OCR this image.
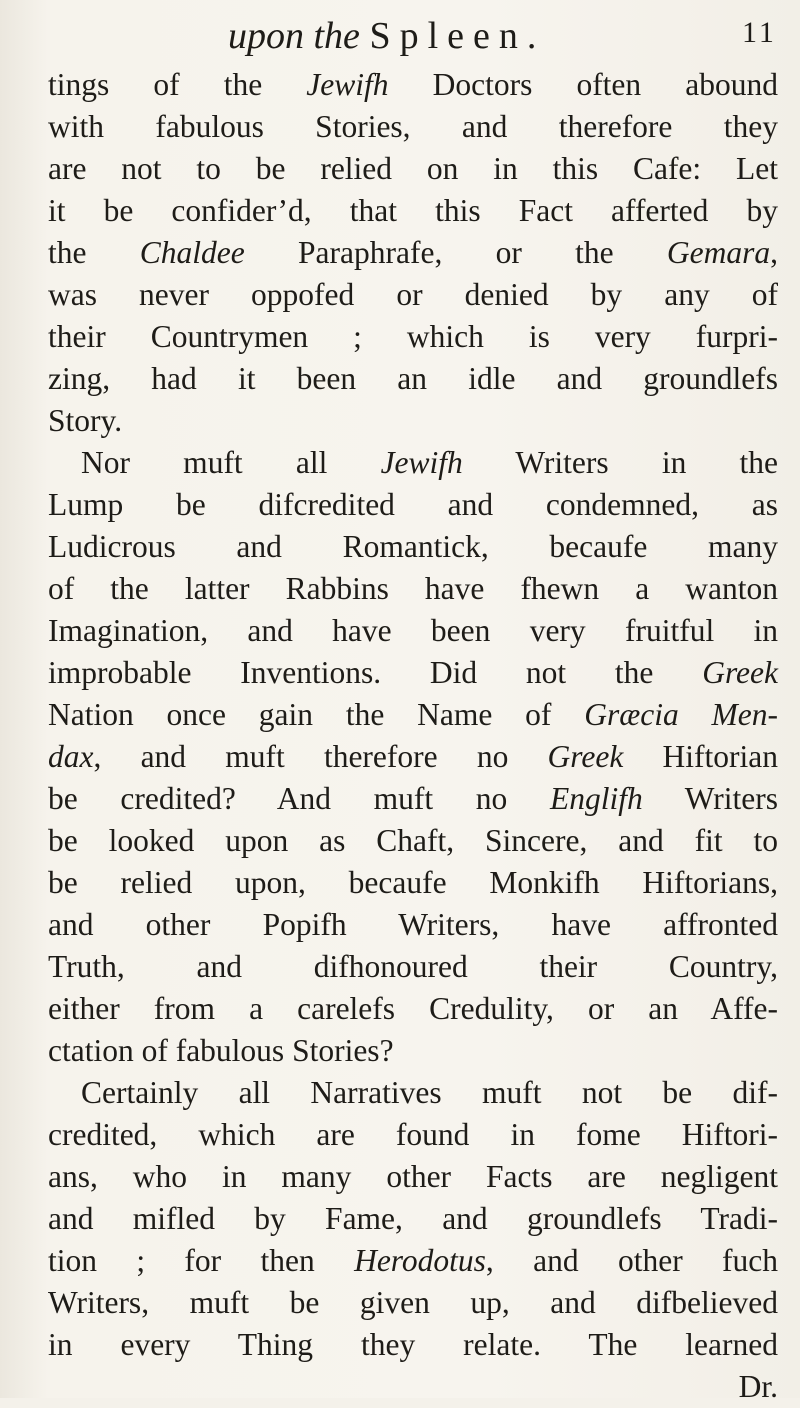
upon the Spleen.	11
tings of the Jewifh Doctors often abound
with fabulous Stories, and therefore they
are not to be relied on in this Cafe: Let
it be confider’d, that this Fact afferted by
the Chaldee Paraphrafe, or the Gemara,
was never oppofed or denied by any of
their Countrymen ; which is very furpri-
zing, had it been an idle and groundlefs
Story.
Nor muft all Jewifh Writers in the
Lump be difcredited and condemned, as
Ludicrous and Romantick, becaufe many
of the latter Rabbins have fhewn a wanton
Imagination, and have been very fruitful in
improbable Inventions. Did not the Greek
Nation once gain the Name of Græcia Men-
dax, and muft therefore no Greek Hiftorian
be credited? And muft no Englifh Writers
be looked upon as Chaft, Sincere, and fit to
be relied upon, becaufe Monkifh Hiftorians,
and other Popifh Writers, have affronted
Truth, and difhonoured their Country,
either from a carelefs Credulity, or an Affe-
ctation of fabulous Stories?
Certainly all Narratives muft not be dif-
credited, which are found in fome Hiftori-
ans, who in many other Facts are negligent
and mifled by Fame, and groundlefs Tradi-
tion ; for then Herodotus, and other fuch
Writers, muft be given up, and difbelieved
in every Thing they relate. The learned
Dr.
